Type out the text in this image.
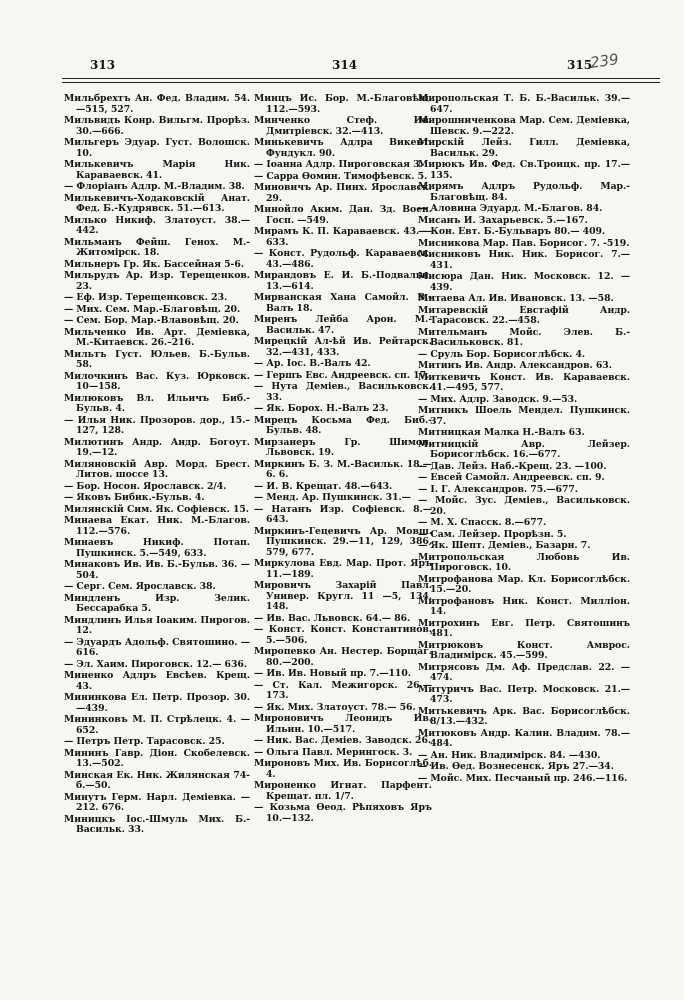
313	314	315
239
Мильбрехтъ Ан. Фед. Владим. 54. —515, 527.
Мильвидъ Конр. Вильгм. Прорѣз. 30.—666.
Мильгеръ Эдуар. Густ. Волошск. 10.
Милькевичъ Марія Ник. Караваевск. 41.
— Флоріанъ Адлр. М.-Владим. 38.
Милькевичъ-Ходаковскій Анат. Фед. Б.-Кудрявск. 51.—613.
Милько Никиф. Златоуст. 38.— 442.
Мильманъ Фейш. Генох. М.-Житомірск. 18.
Мильнеръ Гр. Як. Бассейная 5-6.
Мильрудъ Ар. Изр. Терещенков. 23.
— Еф. Изр. Терещенковск. 23.
— Мих. Сем. Мар.-Благовѣщ. 20.
— Сем. Бор. Мар.-Влавовѣщ. 20.
Мильченко Ив. Арт. Деміевка, М.-Китаевск. 26.–216.
Мильтъ Густ. Юльев. Б.-Бульв. 58.
Милочкинъ Вас. Куз. Юрковск. 10—158.
Милюковъ Вл. Ильичъ Биб.-Бульв. 4.
— Илья Ник. Прозоров. дор., 15.– 127, 128.
Милютинъ Андр. Андр. Богоут. 19.—12.
Миляновскій Авр. Морд. Брест. Литов. шоссе 13.
— Бор. Носон. Ярославск. 2/4.
— Яковъ Бибик.-Бульв. 4.
Милянскій Сим. Як. Софіевск. 15.
Минаева Екат. Ник. М.-Благов. 112.—576.
Минаевъ Никиф. Потап. Пушкинск. 5.—549, 633.
Минаковъ Ив. Ив. Б.-Бульв. 36. —504.
— Серг. Сем. Ярославск. 38.
Миндленъ Изр. Зелик. Бессарабка 5.
Миндлинъ Илья Іоаким. Пирогов. 12.
— Эдуардъ Адольф. Святошино. —616.
— Эл. Хаим. Пироговск. 12.— 636.
Миненко Адлръ Евсѣев. Крещ. 43.
Мининкова Ел. Петр. Прозор. 30.—439.
Мининковъ М. П. Стрѣлецк. 4. —652.
— Петръ Петр. Тарасовск. 25.
Мининъ Гавр. Діон. Скобелевск. 13.—502.
Минская Ек. Ник. Жилянская 74-б.—50.
Минутъ Герм. Нарл. Деміевка. —212. 676.
Миницкъ Іос.-Шмуль Мих. Б.-Васильк. 33.
Минцъ Ис. Бор. М.-Благовѣщ. 112.—593.
Минченко Стеф. Ив. Дмитріевск. 32.—413.
Минькевичъ Адлра Викент. Фундукл. 90.
— Іоанна Адлр. Пироговская 3.
— Сарра Ѳомин. Тимофѣевск. 5.
Миновичъ Ар. Пинх. Ярославск. 29.
Минойло Аким. Дан. Зд. Воен. Госп. —549.
Мирамъ К. П. Караваевск. 43. —633.
— Конст. Рудольф. Караваевск. 43.—486.
Мирандовъ Е. И. Б.-Подвальн. 13.—614.
Мирванская Хана Самойл. В.-Валъ 18.
Миренъ Лейба Арон. М.-Васильк. 47.
Мирецкій Ал-ѣй Ив. Рейтарск. 32.—431, 433.
— Ар. Іос. В.-Валъ 42.
— Гершъ Евс. Андреевск. сп. 17.
— Нута Деміев., Васильковск. 33.
— Як. Борох. Н.-Валъ 23.
Мирецъ Косьма Фед. Биб.-Бульв. 48.
Мирзанеръ Гр. Шимон. Львовск. 19.
Миркинъ Б. З. М.-Васильк. 18.— 6. 6.
— И. В. Крещат. 48.—643.
— Менд. Ар. Пушкинск. 31.—
— Натанъ Изр. Софіевск. 8.— 643.
Миркинъ-Гецевичъ Ар. Мовш. Пушкинск. 29.—11, 129, 386, 579, 677.
Миркулова Евд. Мар. Прот. Яръ 11.—189.
Мировичъ Захарій Павл. Универ. Кругл. 11 —5, 134, 148.
— Ив. Вас. Львовск. 64.— 86.
— Конст. Конст. Константинов. 5.—506.
Миропевко Ан. Нестер. Борщаг. 80.—200.
— Ив. Ив. Новый пр. 7.—110.
— Ст. Кал. Межигорск. 26.— 173.
— Як. Мих. Златоуст. 78.— 56.
Мироновичъ Леонидъ Ив. Ильин. 10.—517.
— Ник. Вас. Деміев. Заводск. 26.
— Ольга Павл. Мерингоск. 3.
Мироновъ Мих. Ив. Борисоглѣб. 4.
Мироненко Игнат. Парфент. Крещат. пл. 1/7.
— Козьма Ѳеод. Рѣпяховъ Яръ 10.—132.
Миропольская Т. Б. Б.-Васильк. 39.—647.
Мирошниченкова Мар. Сем. Деміевка, Шевск. 9.—222.
Мирскій Лейз. Гилл. Деміевка, Васильк. 29.
Мирюкъ Ив. Фед. Св.Троицк. пр. 17.—135.
Мирямъ Адлръ Рудольф. Мар.-Благовѣщ. 84.
— Аловина Эдуард. М.-Благов. 84.
Мисанъ И. Захарьевск. 5.—167.
— Кон. Евт. Б.-Бульваръ 80.— 409.
Мисникова Мар. Пав. Борисог. 7. -519.
Мисниковъ Ник. Ник. Борисог. 7.—431.
Мисюра Дан. Ник. Московск. 12. —439.
Митаева Ал. Ив. Ивановск. 13. —58.
Митаревскій Евстафій Андр. Тарасовск. 22.—458.
Мительманъ Мойс. Элев. Б.-Васильковск. 81.
— Сруль Бор. Борисоглѣбск. 4.
Митинъ Ив. Андр. Александров. 63.
Миткевичъ Конст. Ив. Караваевск. 41.—495, 577.
— Мих. Адлр. Заводск. 9.—53.
Митникъ Шоель Мендел. Пушкинск. 37.
Митницкая Малка Н.-Валъ 63.
Митницкій Авр. Лейзер. Борисоглѣбск. 16.—677.
— Дав. Лейз. Наб.-Крещ. 23. —100.
— Евсей Самойл. Андреевск. сп. 9.
— І. Г. Александров. 75.—677.
— Мойс. Зус. Деміев., Васильковск. 20.
— М. Х. Спасск. 8.—677.
— Сам. Лейзер. Прорѣзн. 5.
— Як. Шепт. Деміев., Базарн. 7.
Митропольская Любовь Ив. Пироговск. 10.
Митрофанова Мар. Кл. Борисоглѣбск. 15.—20.
Митрофановъ Ник. Конст. Милліон. 14.
Митрохинъ Евг. Петр. Святошинъ 481.
Митрюковъ Конст. Амврос. Владимірск. 45.—599.
Митрясовъ Дм. Аф. Предслав. 22. —474.
Митуричъ Вас. Петр. Московск. 21.—473.
Митькевичъ Арк. Вас. Борисоглѣбск. 8/13.—432.
Митюковъ Андр. Калин. Владим. 78.—484.
— Ан. Ник. Владимірск. 84. —430.
— Ив. Ѳед. Вознесенск. Яръ 27.—34.
— Мойс. Мих. Песчаный пр. 246.—116.
